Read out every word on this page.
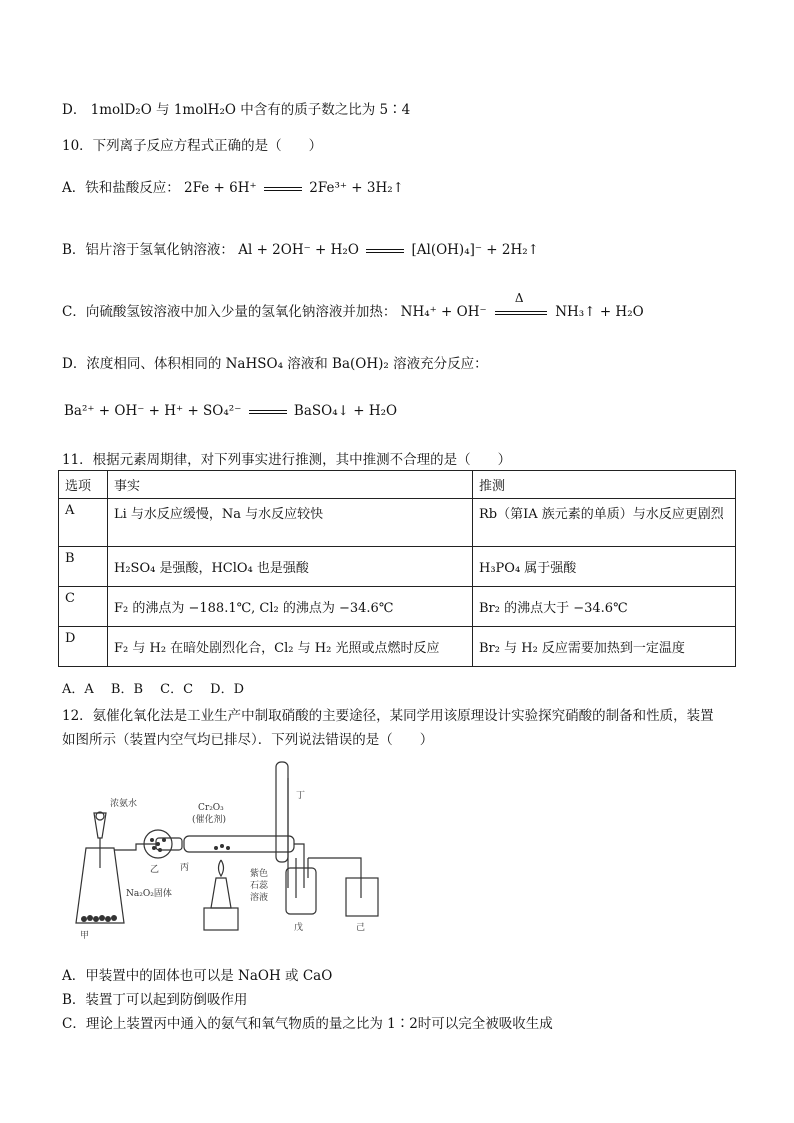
D． 1molD₂O 与 1molH₂O 中含有的质子数之比为 5∶4
10．下列离子反应方程式正确的是（　　）
A．铁和盐酸反应： 2Fe + 6H⁺	2Fe³⁺ + 3H₂↑
B．铝片溶于氢氧化钠溶液： Al + 2OH⁻ + H₂O	[Al(OH)₄]⁻ + 2H₂↑
C．向硫酸氢铵溶液中加入少量的氢氧化钠溶液并加热： NH₄⁺ + OH⁻
Δ
NH₃↑ + H₂O
D．浓度相同、体积相同的 NaHSO₄ 溶液和 Ba(OH)₂ 溶液充分反应：
Ba²⁺ + OH⁻ + H⁺ + SO₄²⁻	BaSO₄↓ + H₂O
11．根据元素周期律，对下列事实进行推测，其中推测不合理的是（　　）
选项	事实	推测
A	Li 与水反应缓慢，Na 与水反应较快	Rb（第ⅠA 族元素的单质）与水反应更剧烈
B	H₂SO₄ 是强酸，HClO₄ 也是强酸	H₃PO₄ 属于强酸
C	F₂ 的沸点为 −188.1℃, Cl₂ 的沸点为 −34.6℃	Br₂ 的沸点大于 −34.6℃
D	F₂ 与 H₂ 在暗处剧烈化合，Cl₂ 与 H₂ 光照或点燃时反应	Br₂ 与 H₂ 反应需要加热到一定温度
A．A　 B．B　 C．C　 D．D
12．氨催化氧化法是工业生产中制取硝酸的主要途径，某同学用该原理设计实验探究硝酸的制备和性质，装置
如图所示（装置内空气均已排尽）．下列说法错误的是（　　）
浓氨水	Cr₂O₃
(催化剂)
Na₂O₂固体
甲
乙 丙
丁
紫色
石蕊
溶液
戊	己
A．甲装置中的固体也可以是 NaOH 或 CaO
B．装置丁可以起到防倒吸作用
C．理论上装置丙中通入的氨气和氧气物质的量之比为 1∶2时可以完全被吸收生成
